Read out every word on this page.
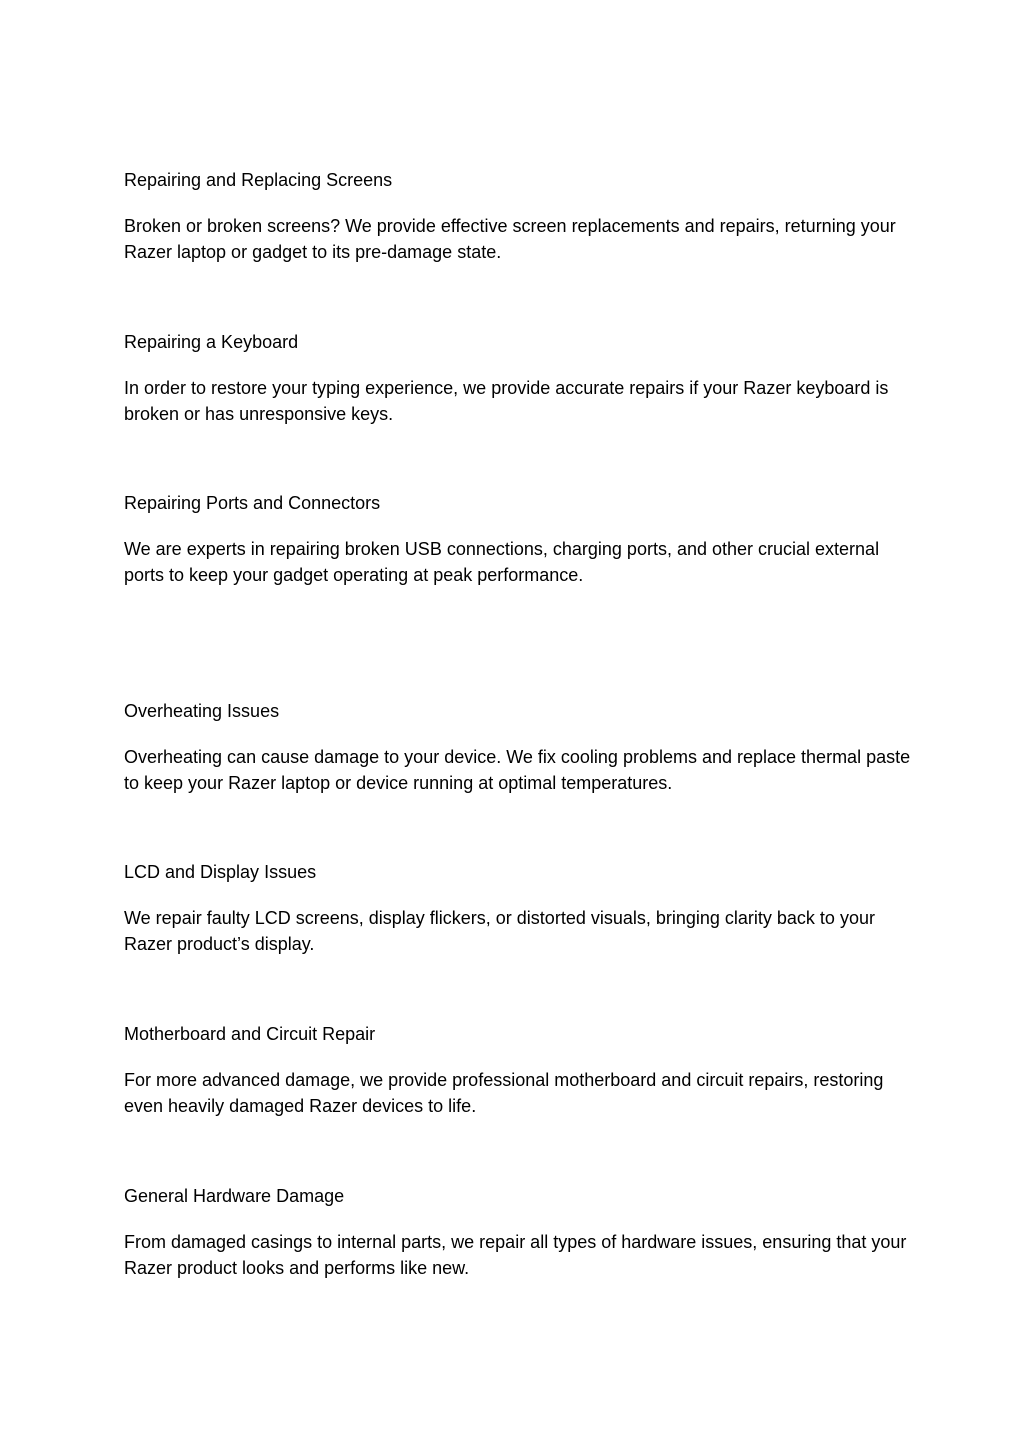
Repairing and Replacing Screens

Broken or broken screens? We provide effective screen replacements and repairs, returning your Razer laptop or gadget to its pre-damage state.

Repairing a Keyboard

In order to restore your typing experience, we provide accurate repairs if your Razer keyboard is broken or has unresponsive keys.

Repairing Ports and Connectors

We are experts in repairing broken USB connections, charging ports, and other crucial external ports to keep your gadget operating at peak performance.

Overheating Issues

Overheating can cause damage to your device. We fix cooling problems and replace thermal paste to keep your Razer laptop or device running at optimal temperatures.

LCD and Display Issues

We repair faulty LCD screens, display flickers, or distorted visuals, bringing clarity back to your Razer product’s display.

Motherboard and Circuit Repair

For more advanced damage, we provide professional motherboard and circuit repairs, restoring even heavily damaged Razer devices to life.

General Hardware Damage

From damaged casings to internal parts, we repair all types of hardware issues, ensuring that your Razer product looks and performs like new.
